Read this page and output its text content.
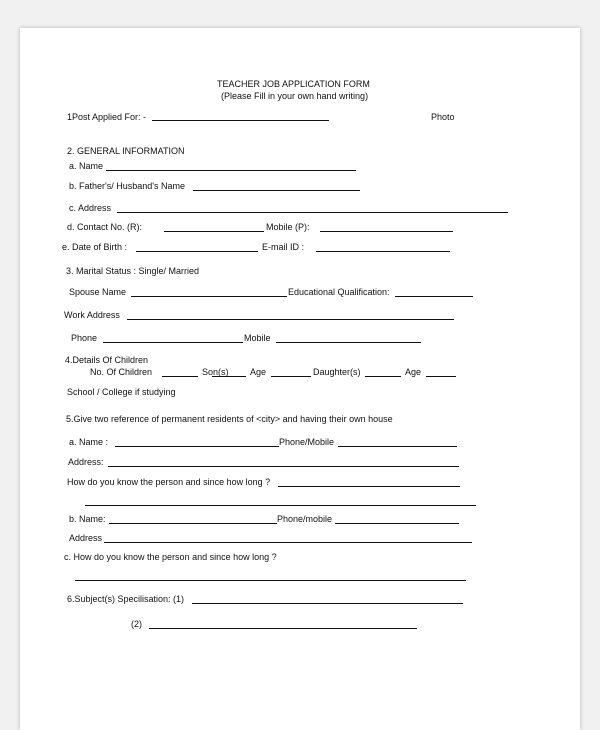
TEACHER JOB APPLICATION FORM
(Please Fill in your own hand writing)
1Post Applied For: -	Photo
2. GENERAL INFORMATION
a. Name
b. Father's/ Husband's Name
c. Address
d. Contact No. (R):	Mobile (P):
e. Date of Birth :	E-mail ID :
3. Marital Status : Single/ Married
Spouse Name	Educational Qualification:
Work Address
Phone	Mobile
4.Details Of Children
No. Of Children	Son(s) Age	Daughter(s)	Age
School / College if studying
5.Give two reference of permanent residents of <city> and having their own house
a. Name :	Phone/Mobile
Address:
How do you know the person and since how long ?
b. Name:	Phone/mobile
Address
c. How do you know the person and since how long ?
6.Subject(s) Specilisation: (1)
(2)
